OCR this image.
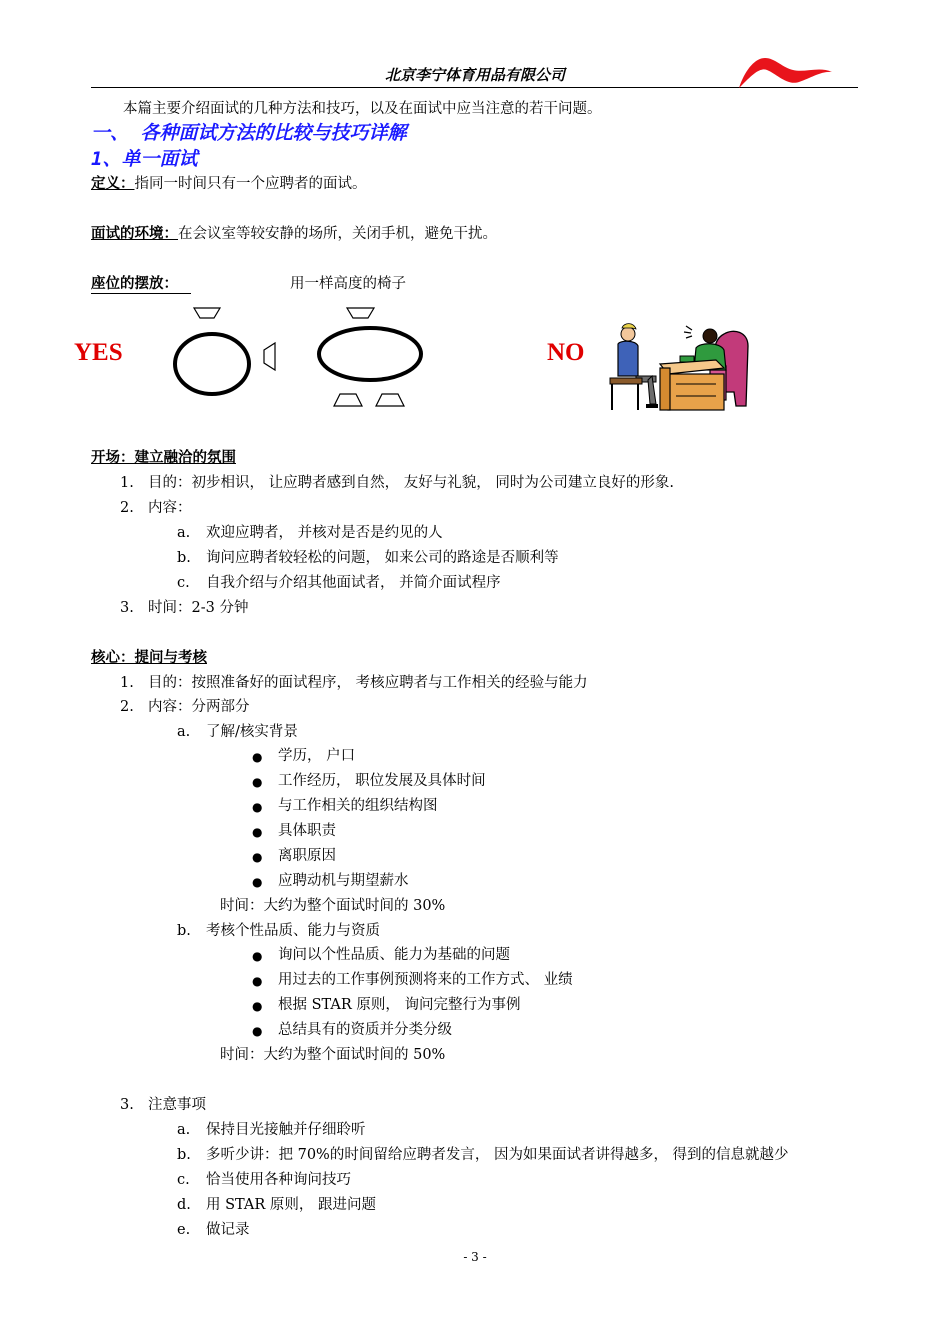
北京李宁体育用品有限公司
本篇主要介绍面试的几种方法和技巧，以及在面试中应当注意的若干问题。
一、 各种面试方法的比较与技巧详解
1、单一面试
定义：指同一时间只有一个应聘者的面试。
面试的环境：在会议室等较安静的场所，关闭手机，避免干扰。
座位的摆放：	用一样高度的椅子
YES	NO
开场：建立融洽的氛围
1. 目的：初步相识， 让应聘者感到自然， 友好与礼貌， 同时为公司建立良好的形象.
2. 内容：
a. 欢迎应聘者， 并核对是否是约见的人
b. 询问应聘者较轻松的问题， 如来公司的路途是否顺利等
c. 自我介绍与介绍其他面试者， 并简介面试程序
3. 时间：2-3 分钟
核心：提问与考核
1. 目的：按照准备好的面试程序， 考核应聘者与工作相关的经验与能力
2. 内容：分两部分
a. 了解/核实背景
● 学历， 户口
● 工作经历， 职位发展及具体时间
● 与工作相关的组织结构图
● 具体职责
● 离职原因
● 应聘动机与期望薪水
时间：大约为整个面试时间的 30%
b. 考核个性品质、能力与资质
● 询问以个性品质、能力为基础的问题
● 用过去的工作事例预测将来的工作方式、 业绩
● 根据 STAR 原则， 询问完整行为事例
● 总结具有的资质并分类分级
时间：大约为整个面试时间的 50%
3. 注意事项
a. 保持目光接触并仔细聆听
b. 多听少讲：把 70%的时间留给应聘者发言， 因为如果面试者讲得越多， 得到的信息就越少
c. 恰当使用各种询问技巧
d. 用 STAR 原则， 跟进问题
e. 做记录
- 3 -
